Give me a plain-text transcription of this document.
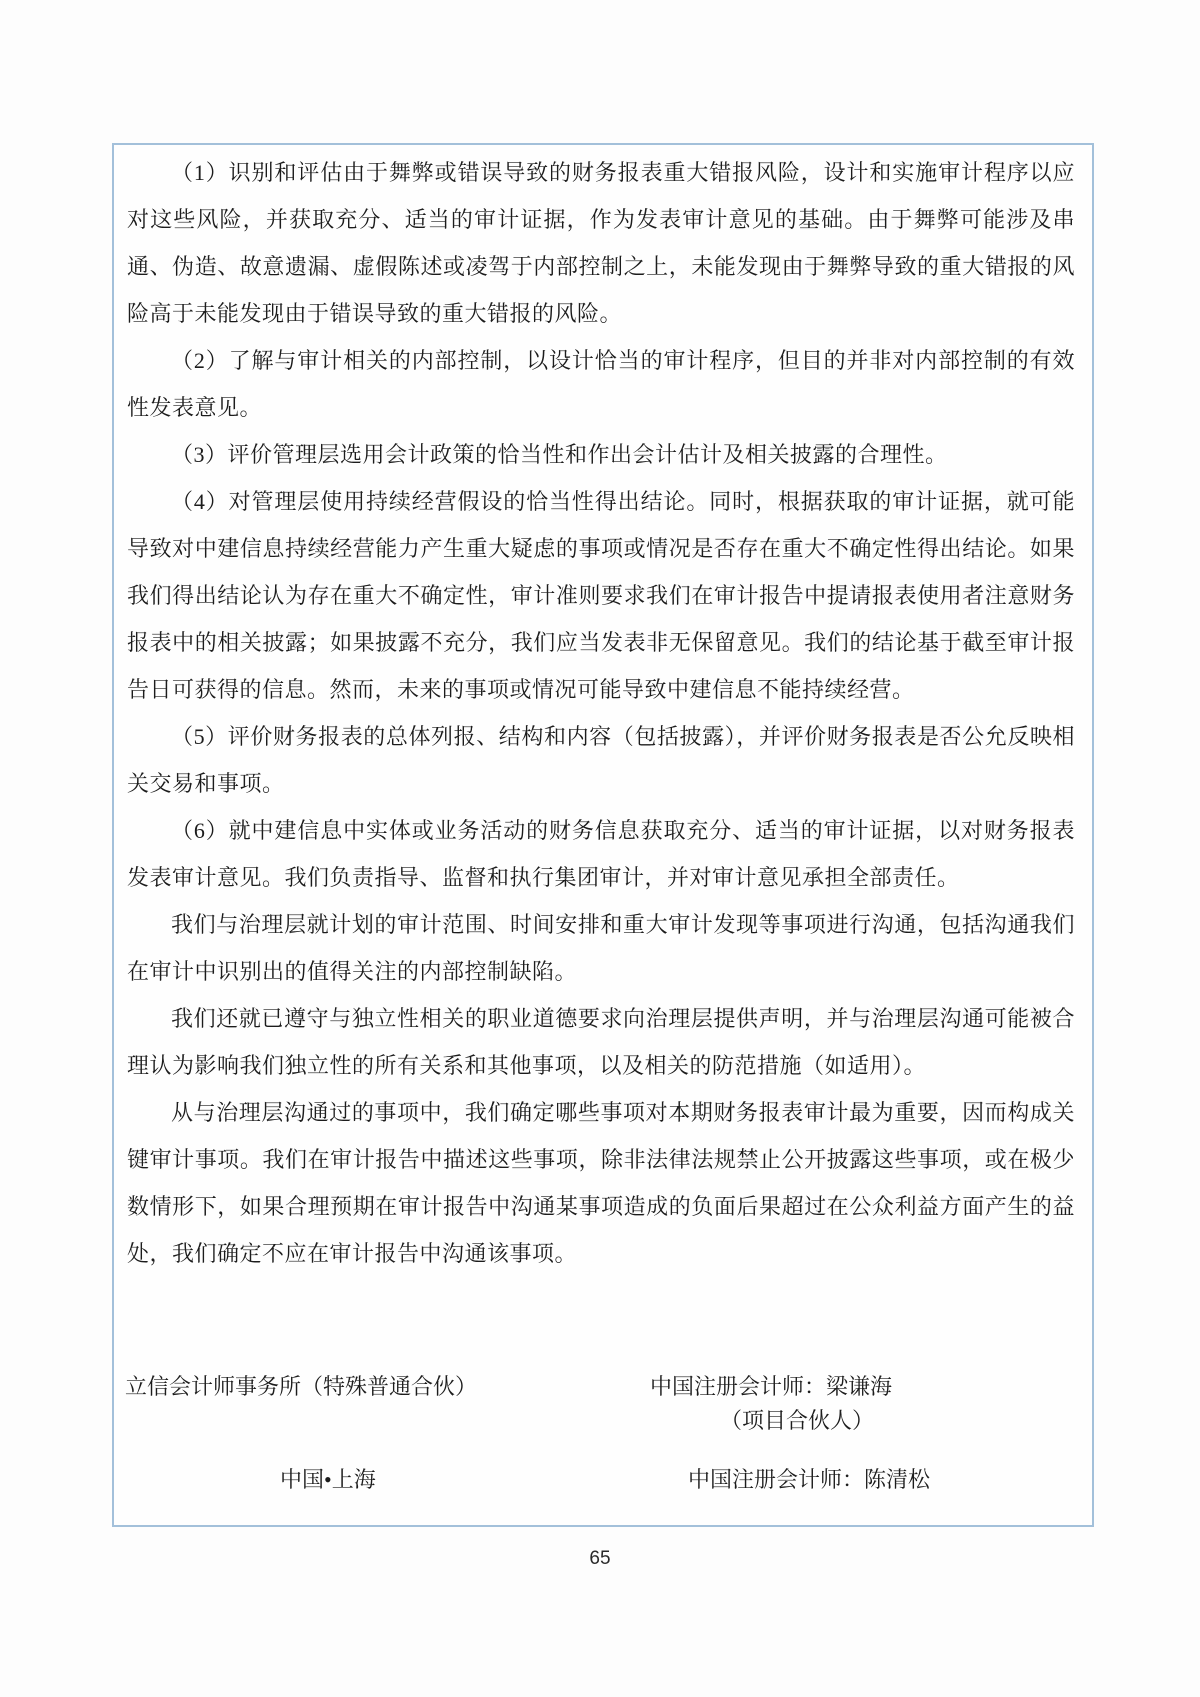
（1）识别和评估由于舞弊或错误导致的财务报表重大错报风险，设计和实施审计程序以应对这些风险，并获取充分、适当的审计证据，作为发表审计意见的基础。由于舞弊可能涉及串通、伪造、故意遗漏、虚假陈述或凌驾于内部控制之上，未能发现由于舞弊导致的重大错报的风险高于未能发现由于错误导致的重大错报的风险。

（2）了解与审计相关的内部控制，以设计恰当的审计程序，但目的并非对内部控制的有效性发表意见。

（3）评价管理层选用会计政策的恰当性和作出会计估计及相关披露的合理性。

（4）对管理层使用持续经营假设的恰当性得出结论。同时，根据获取的审计证据，就可能导致对中建信息持续经营能力产生重大疑虑的事项或情况是否存在重大不确定性得出结论。如果我们得出结论认为存在重大不确定性，审计准则要求我们在审计报告中提请报表使用者注意财务报表中的相关披露；如果披露不充分，我们应当发表非无保留意见。我们的结论基于截至审计报告日可获得的信息。然而，未来的事项或情况可能导致中建信息不能持续经营。

（5）评价财务报表的总体列报、结构和内容（包括披露），并评价财务报表是否公允反映相关交易和事项。

（6）就中建信息中实体或业务活动的财务信息获取充分、适当的审计证据，以对财务报表发表审计意见。我们负责指导、监督和执行集团审计，并对审计意见承担全部责任。

我们与治理层就计划的审计范围、时间安排和重大审计发现等事项进行沟通，包括沟通我们在审计中识别出的值得关注的内部控制缺陷。

我们还就已遵守与独立性相关的职业道德要求向治理层提供声明，并与治理层沟通可能被合理认为影响我们独立性的所有关系和其他事项，以及相关的防范措施（如适用）。

从与治理层沟通过的事项中，我们确定哪些事项对本期财务报表审计最为重要，因而构成关键审计事项。我们在审计报告中描述这些事项，除非法律法规禁止公开披露这些事项，或在极少数情形下，如果合理预期在审计报告中沟通某事项造成的负面后果超过在公众利益方面产生的益处，我们确定不应在审计报告中沟通该事项。

立信会计师事务所（特殊普通合伙）	中国注册会计师：梁谦海
（项目合伙人）
中国•上海	中国注册会计师：陈清松
65
